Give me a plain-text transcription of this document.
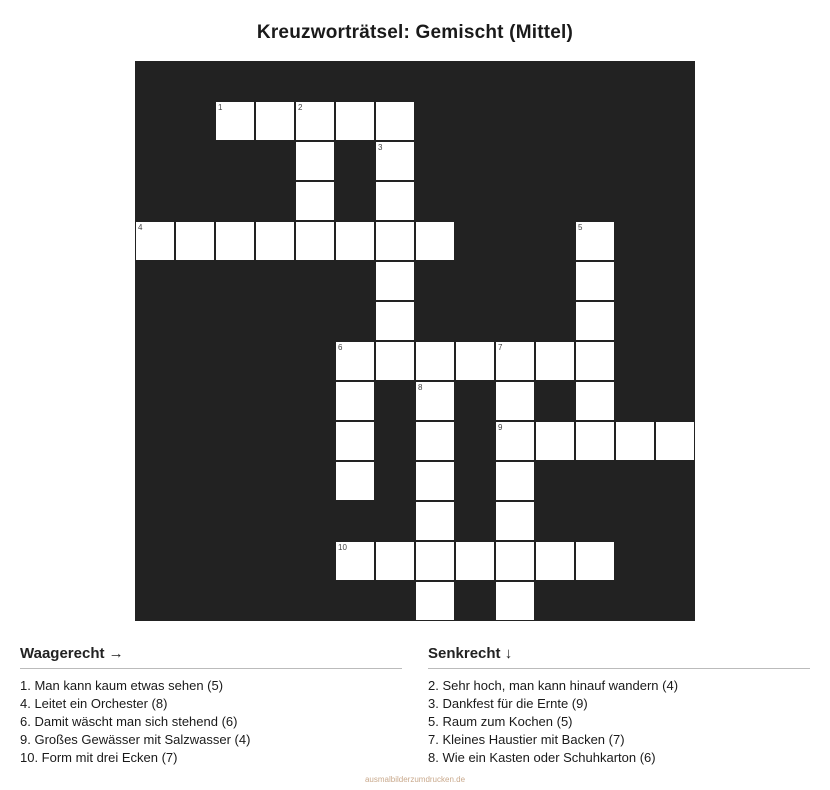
Kreuzworträtsel: Gemischt (Mittel)
1	2
3
4	5
6	7
8
9
10
Waagerecht →
1. Man kann kaum etwas sehen (5)
4. Leitet ein Orchester (8)
6. Damit wäscht man sich stehend (6)
9. Großes Gewässer mit Salzwasser (4)
10. Form mit drei Ecken (7)
Senkrecht ↓
2. Sehr hoch, man kann hinauf wandern (4)
3. Dankfest für die Ernte (9)
5. Raum zum Kochen (5)
7. Kleines Haustier mit Backen (7)
8. Wie ein Kasten oder Schuhkarton (6)
ausmalbilderzumdrucken.de
